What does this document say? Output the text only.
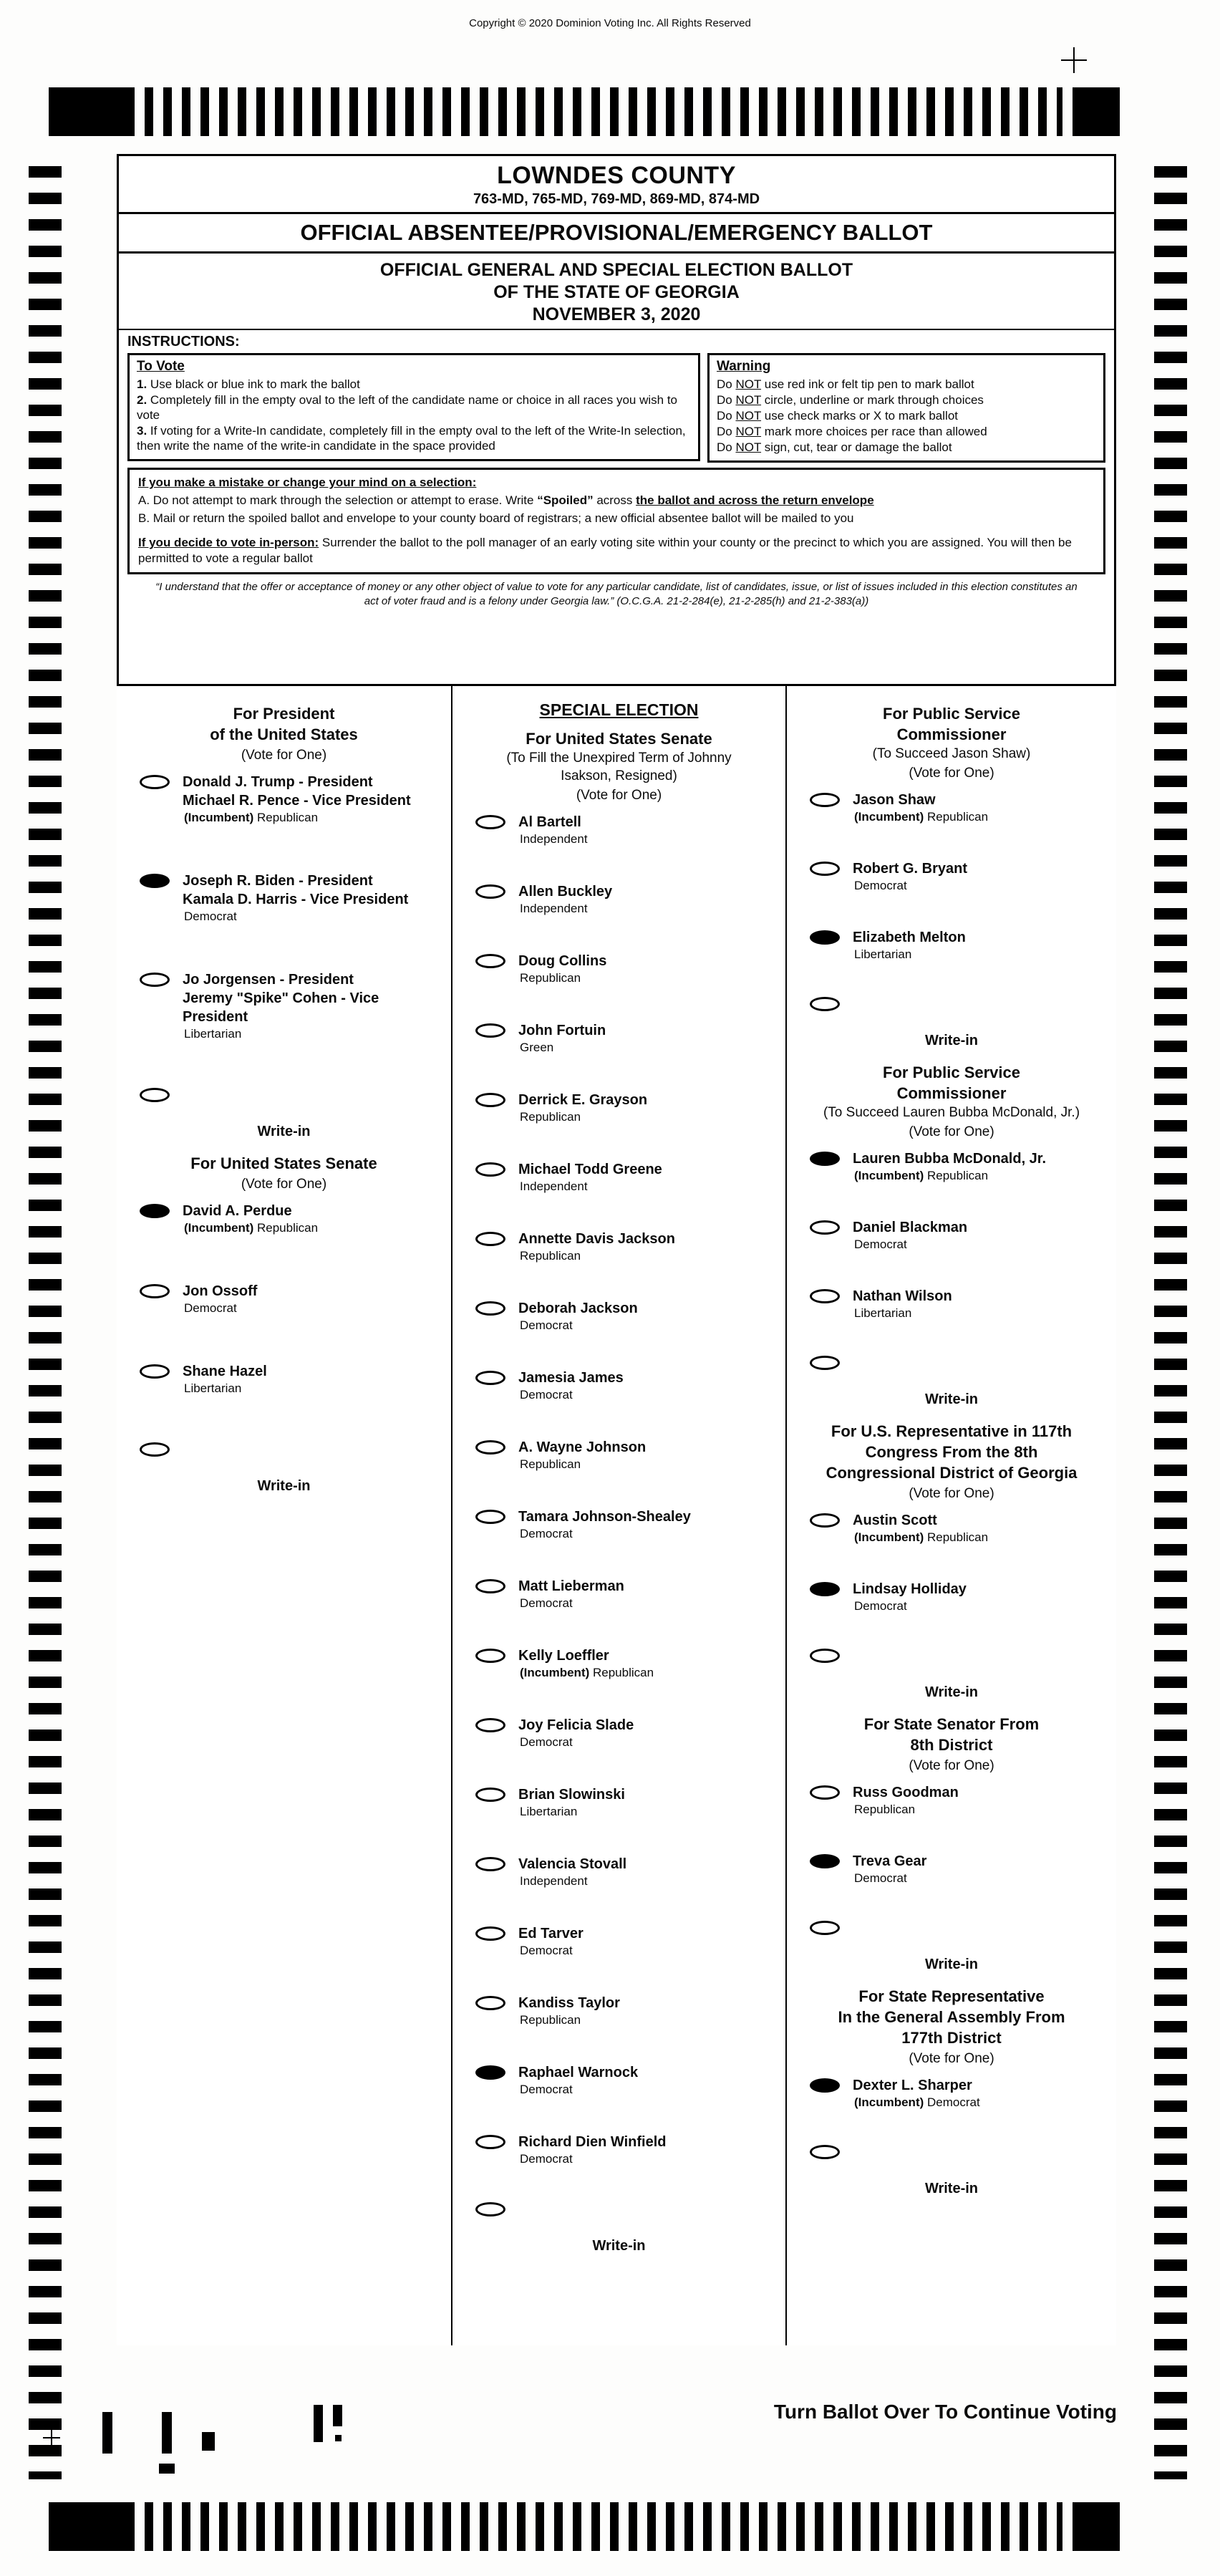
Copyright © 2020 Dominion Voting Inc. All Rights Reserved
LOWNDES COUNTY
763-MD, 765-MD, 769-MD, 869-MD, 874-MD
OFFICIAL ABSENTEE/PROVISIONAL/EMERGENCY BALLOT
OFFICIAL GENERAL AND SPECIAL ELECTION BALLOT
OF THE STATE OF GEORGIA
NOVEMBER 3, 2020
INSTRUCTIONS:
To Vote
1. Use black or blue ink to mark the ballot
2. Completely fill in the empty oval to the left of the candidate name or choice in all races you wish to vote
3. If voting for a Write-In candidate, completely fill in the empty oval to the left of the Write-In selection, then write the name of the write-in candidate in the space provided
Warning
Do NOT use red ink or felt tip pen to mark ballot
Do NOT circle, underline or mark through choices
Do NOT use check marks or X to mark ballot
Do NOT mark more choices per race than allowed
Do NOT sign, cut, tear or damage the ballot
If you make a mistake or change your mind on a selection:
A. Do not attempt to mark through the selection or attempt to erase. Write “Spoiled” across the ballot and across the return envelope
B. Mail or return the spoiled ballot and envelope to your county board of registrars; a new official absentee ballot will be mailed to you
If you decide to vote in-person: Surrender the ballot to the poll manager of an early voting site within your county or the precinct to which you are assigned. You will then be permitted to vote a regular ballot
“I understand that the offer or acceptance of money or any other object of value to vote for any particular candidate, list of candidates, issue, or list of issues included in this election constitutes an act of voter fraud and is a felony under Georgia law.” (O.C.G.A. 21-2-284(e), 21-2-285(h) and 21-2-383(a))
For President
of the United States
(Vote for One)
Donald J. Trump - President
Michael R. Pence - Vice President
(Incumbent) Republican
Joseph R. Biden - President
Kamala D. Harris - Vice President
Democrat
Jo Jorgensen - President
Jeremy "Spike" Cohen - Vice President
Libertarian
Write-in
For United States Senate
(Vote for One)
David A. Perdue
(Incumbent) Republican
Jon Ossoff
Democrat
Shane Hazel
Libertarian
Write-in
SPECIAL ELECTION
For United States Senate
(To Fill the Unexpired Term of Johnny
Isakson, Resigned)
(Vote for One)
Al Bartell
Independent
Allen Buckley
Independent
Doug Collins
Republican
John Fortuin
Green
Derrick E. Grayson
Republican
Michael Todd Greene
Independent
Annette Davis Jackson
Republican
Deborah Jackson
Democrat
Jamesia James
Democrat
A. Wayne Johnson
Republican
Tamara Johnson-Shealey
Democrat
Matt Lieberman
Democrat
Kelly Loeffler
(Incumbent) Republican
Joy Felicia Slade
Democrat
Brian Slowinski
Libertarian
Valencia Stovall
Independent
Ed Tarver
Democrat
Kandiss Taylor
Republican
Raphael Warnock
Democrat
Richard Dien Winfield
Democrat
Write-in
For Public Service
Commissioner
(To Succeed Jason Shaw)
(Vote for One)
Jason Shaw
(Incumbent) Republican
Robert G. Bryant
Democrat
Elizabeth Melton
Libertarian
Write-in
For Public Service
Commissioner
(To Succeed Lauren Bubba McDonald, Jr.)
(Vote for One)
Lauren Bubba McDonald, Jr.
(Incumbent) Republican
Daniel Blackman
Democrat
Nathan Wilson
Libertarian
Write-in
For U.S. Representative in 117th
Congress From the 8th
Congressional District of Georgia
(Vote for One)
Austin Scott
(Incumbent) Republican
Lindsay Holliday
Democrat
Write-in
For State Senator From
8th District
(Vote for One)
Russ Goodman
Republican
Treva Gear
Democrat
Write-in
For State Representative
In the General Assembly From
177th District
(Vote for One)
Dexter L. Sharper
(Incumbent) Democrat
Write-in
Turn Ballot Over To Continue Voting
